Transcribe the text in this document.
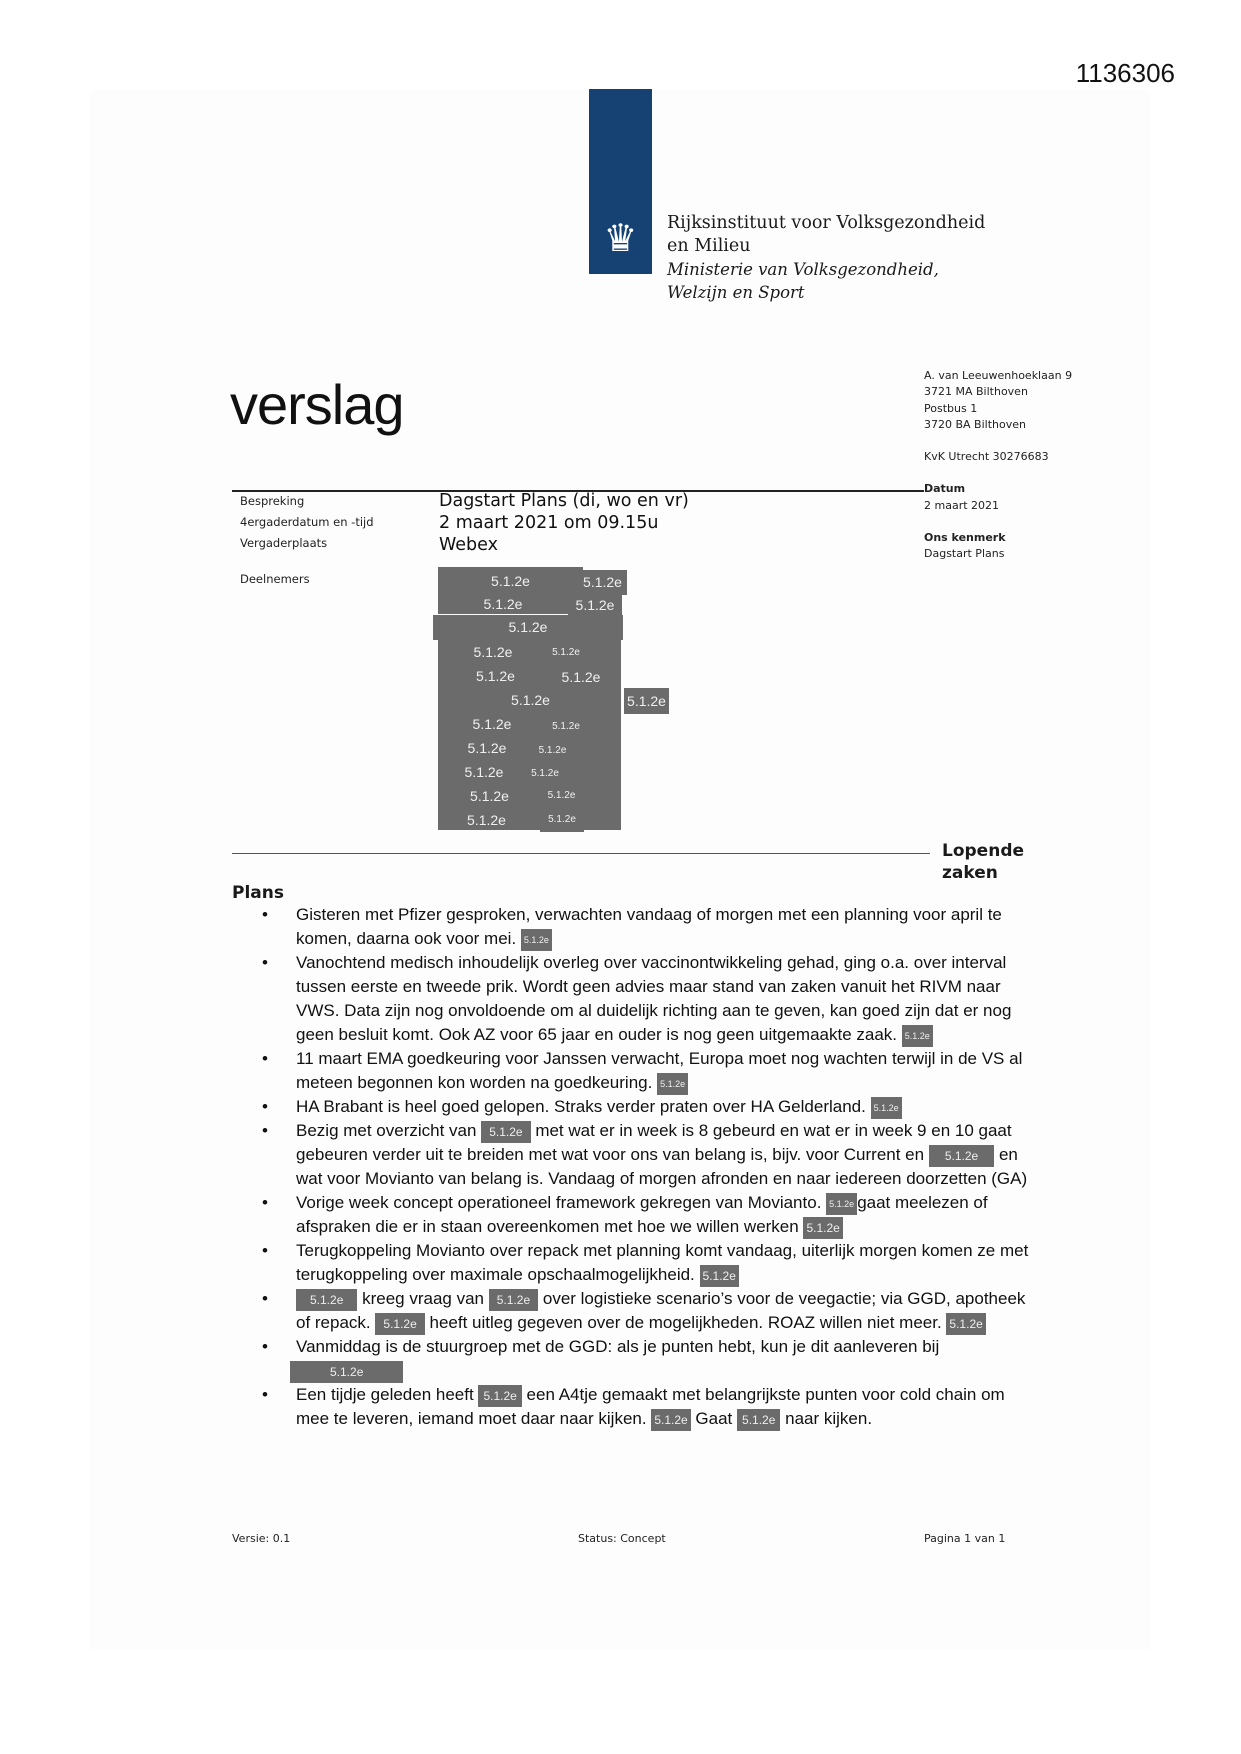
1136306
♛	Rijksinstituut voor Volksgezondheid
en Milieu
Ministerie van Volksgezondheid,
Welzijn en Sport
verslag	A. van Leeuwenhoeklaan 9
3721 MA Bilthoven
Postbus 1
3720 BA Bilthoven
KvK Utrecht 30276683
Datum
2 maart 2021
Ons kenmerk
Dagstart Plans
Bespreking	Dagstart Plans (di, wo en vr)
4ergaderdatum en -tijd	2 maart 2021 om 09.15u
Vergaderplaats	Webex
Deelnemers
5.1.2e
5.1.2e	5.1.2e
5.1.2e	5.1.2e
5.1.2e	5.1.2e
5.1.2e	5.1.2e
5.1.2e	5.1.2e
5.1.2e	5.1.2e
5.1.2e	5.1.2e
5.1.2e	5.1.2e
5.1.2e	5.1.2e
5.1.2e	5.1.2e
Lopende
zaken
Plans
• Gisteren met Pfizer gesproken, verwachten vandaag of morgen met een planning voor april te komen, daarna ook voor mei. 5.1.2e
• Vanochtend medisch inhoudelijk overleg over vaccinontwikkeling gehad, ging o.a. over interval tussen eerste en tweede prik. Wordt geen advies maar stand van zaken vanuit het RIVM naar VWS. Data zijn nog onvoldoende om al duidelijk richting aan te geven, kan goed zijn dat er nog geen besluit komt. Ook AZ voor 65 jaar en ouder is nog geen uitgemaakte zaak. 5.1.2e
• 11 maart EMA goedkeuring voor Janssen verwacht, Europa moet nog wachten terwijl in de VS al meteen begonnen kon worden na goedkeuring. 5.1.2e
• HA Brabant is heel goed gelopen. Straks verder praten over HA Gelderland. 5.1.2e
• Bezig met overzicht van 5.1.2e met wat er in week is 8 gebeurd en wat er in week 9 en 10 gaat gebeuren verder uit te breiden met wat voor ons van belang is, bijv. voor Current en 5.1.2e en wat voor Movianto van belang is. Vandaag of morgen afronden en naar iedereen doorzetten (GA)
• Vorige week concept operationeel framework gekregen van Movianto. 5.1.2e gaat meelezen of afspraken die er in staan overeenkomen met hoe we willen werken 5.1.2e
• Terugkoppeling Movianto over repack met planning komt vandaag, uiterlijk morgen komen ze met terugkoppeling over maximale opschaalmogelijkheid. 5.1.2e
• 5.1.2e kreeg vraag van 5.1.2e over logistieke scenario’s voor de veegactie; via GGD, apotheek of repack. 5.1.2e heeft uitleg gegeven over de mogelijkheden. ROAZ willen niet meer. 5.1.2e
• Vanmiddag is de stuurgroep met de GGD: als je punten hebt, kun je dit aanleveren bij
5.1.2e
• Een tijdje geleden heeft 5.1.2e een A4tje gemaakt met belangrijkste punten voor cold chain om mee te leveren, iemand moet daar naar kijken. 5.1.2e Gaat 5.1.2e naar kijken.
Versie: 0.1	Status: Concept	Pagina 1 van 1
